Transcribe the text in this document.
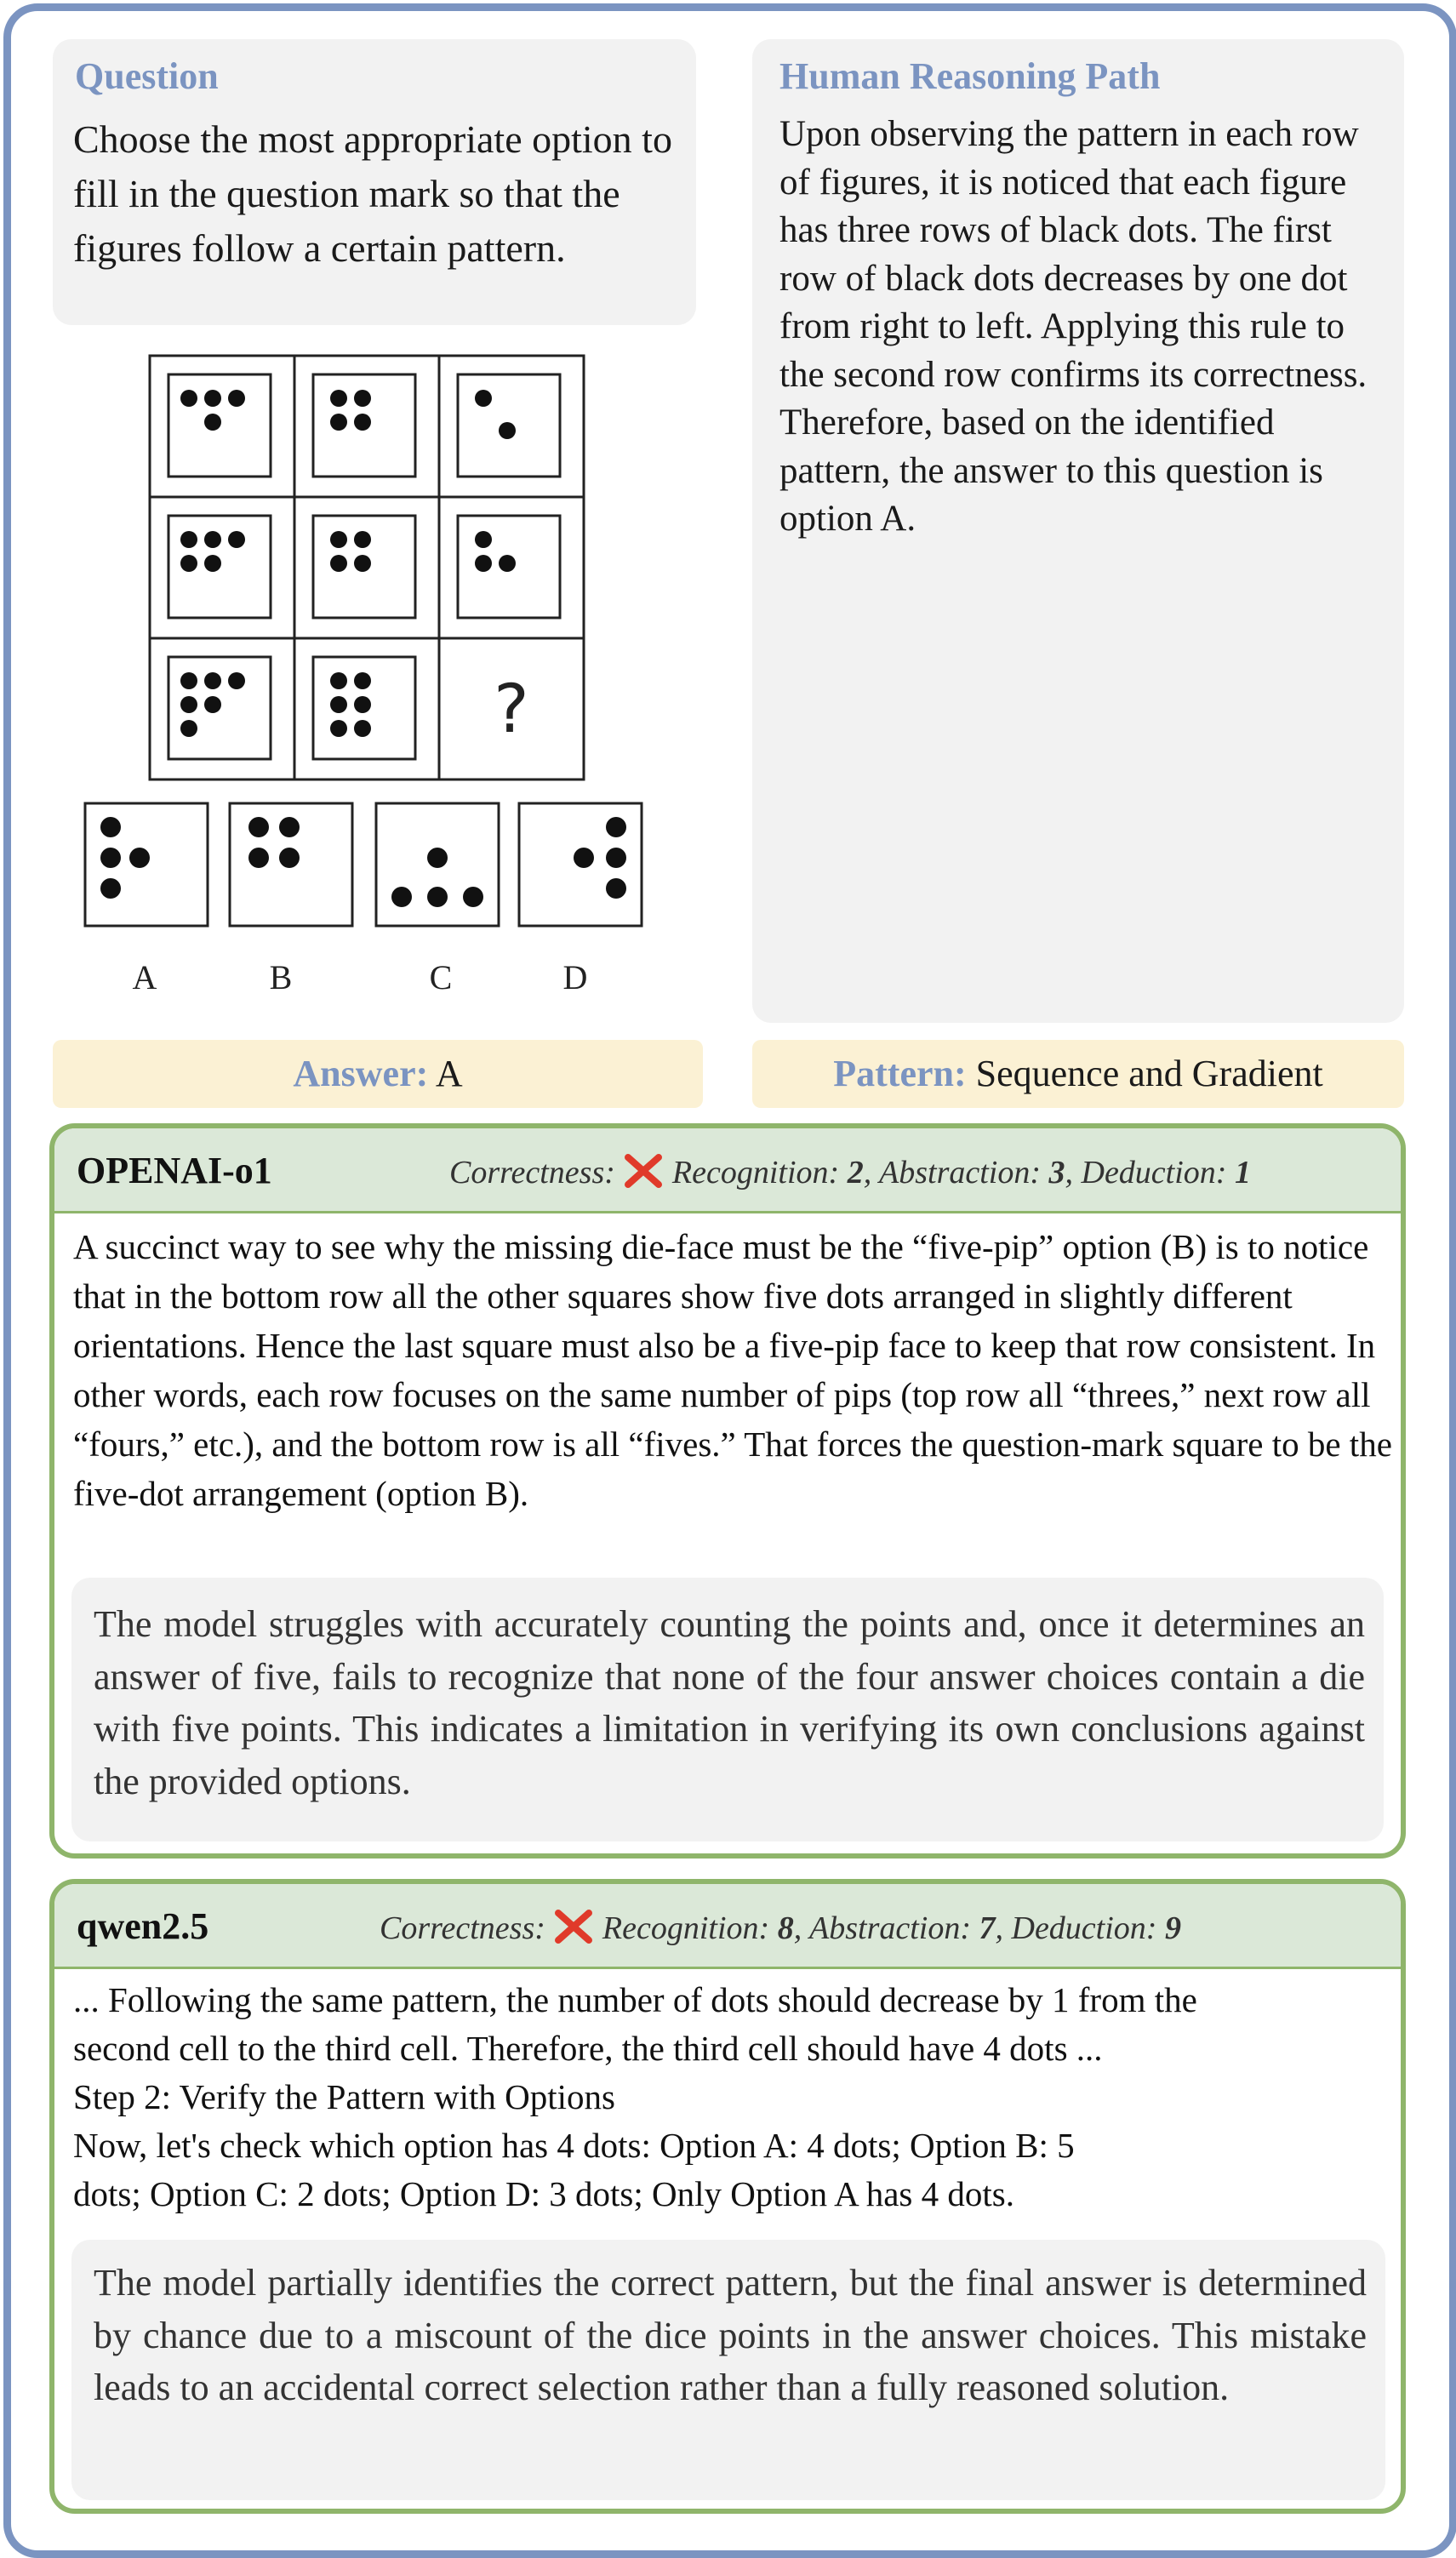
Question
Choose the most appropriate option to fill in the question mark so that the figures follow a certain pattern.
?
A	B	C	D
Human Reasoning Path
Upon observing the pattern in each row of figures, it is noticed that each figure has three rows of black dots. The first row of black dots decreases by one dot from right to left. Applying this rule to the second row confirms its correctness. Therefore, based on the identified pattern, the answer to this question is option A.
Answer: A	Pattern: Sequence and Gradient
OPENAI-o1	Correctness: Recognition: 2, Abstraction: 3, Deduction: 1
A succinct way to see why the missing die-face must be the “five-pip” option (B) is to notice that in the bottom row all the other squares show five dots arranged in slightly different orientations. Hence the last square must also be a five-pip face to keep that row consistent. In other words, each row focuses on the same number of pips (top row all “threes,” next row all “fours,” etc.), and the bottom row is all “fives.” That forces the question-mark square to be the five-dot arrangement (option B).
The model struggles with accurately counting the points and, once it determines an answer of five, fails to recognize that none of the four answer choices contain a die with five points. This indicates a limitation in verifying its own conclusions against the provided options.
qwen2.5	Correctness: Recognition: 8, Abstraction: 7, Deduction: 9
... Following the same pattern, the number of dots should decrease by 1 from the
second cell to the third cell. Therefore, the third cell should have 4 dots ...
Step 2: Verify the Pattern with Options
Now, let's check which option has 4 dots: Option A: 4 dots; Option B: 5
dots; Option C: 2 dots; Option D: 3 dots; Only Option A has 4 dots.
The model partially identifies the correct pattern, but the final answer is determined by chance due to a miscount of the dice points in the answer choices. This mistake leads to an accidental correct selection rather than a fully reasoned solution.
